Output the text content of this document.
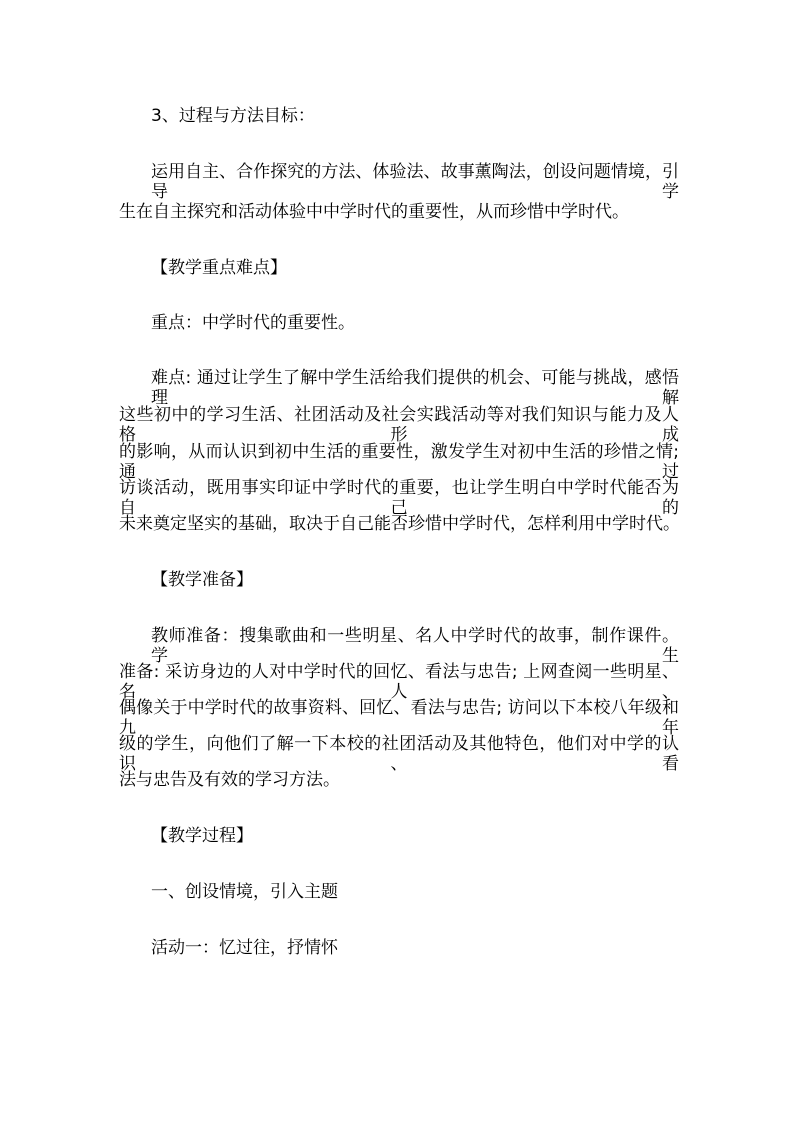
3、过程与方法目标：
运用自主、合作探究的方法、体验法、故事薰陶法，创设问题情境，引导学
生在自主探究和活动体验中中学时代的重要性，从而珍惜中学时代。
【教学重点难点】
重点：中学时代的重要性。
难点: 通过让学生了解中学生活给我们提供的机会、可能与挑战，感悟理解
这些初中的学习生活、社团活动及社会实践活动等对我们知识与能力及人格形成
的影响，从而认识到初中生活的重要性，激发学生对初中生活的珍惜之情; 通过
访谈活动，既用事实印证中学时代的重要，也让学生明白中学时代能否为自己的
未来奠定坚实的基础，取决于自己能否珍惜中学时代，怎样利用中学时代。
【教学准备】
教师准备：搜集歌曲和一些明星、名人中学时代的故事，制作课件。 学生
准备: 采访身边的人对中学时代的回忆、看法与忠告; 上网查阅一些明星、名人、
偶像关于中学时代的故事资料、回忆、看法与忠告; 访问以下本校八年级和九年
级的学生，向他们了解一下本校的社团活动及其他特色，他们对中学的认识、看
法与忠告及有效的学习方法。
【教学过程】
一、创设情境，引入主题
活动一：忆过往，抒情怀
